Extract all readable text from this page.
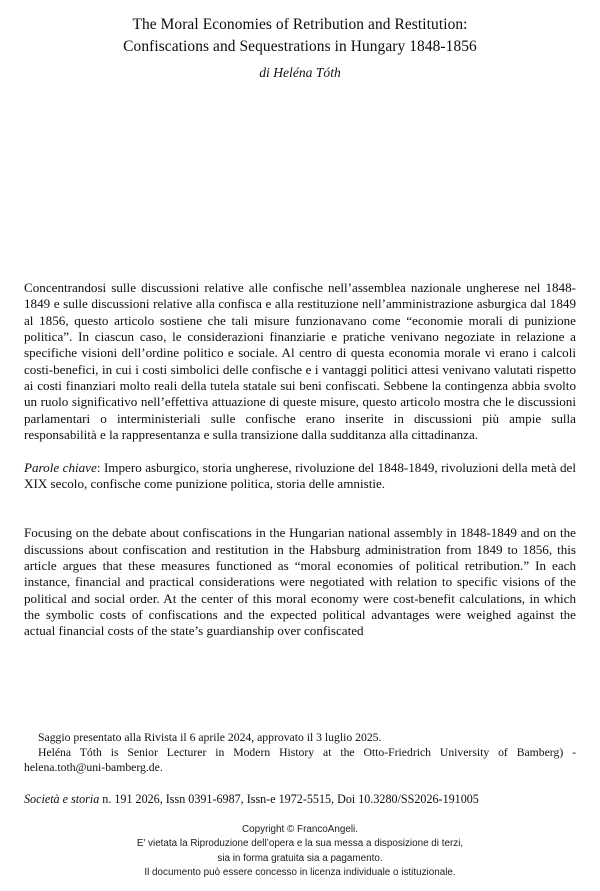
The Moral Economies of Retribution and Restitution:
Confiscations and Sequestrations in Hungary 1848-1856
di Heléna Tóth

Concentrandosi sulle discussioni relative alle confische nell’assemblea nazionale ungherese nel 1848-1849 e sulle discussioni relative alla confisca e alla restituzione nell’amministrazione asburgica dal 1849 al 1856, questo articolo sostiene che tali misure funzionavano come “economie morali di punizione politica”. In ciascun caso, le considerazioni finanziarie e pratiche venivano negoziate in relazione a specifiche visioni dell’ordine politico e sociale. Al centro di questa economia morale vi erano i calcoli costi-benefici, in cui i costi simbolici delle confische e i vantaggi politici attesi venivano valutati rispetto ai costi finanziari molto reali della tutela statale sui beni confiscati. Sebbene la contingenza abbia svolto un ruolo significativo nell’effettiva attuazione di queste misure, questo articolo mostra che le discussioni parlamentari o interministeriali sulle confische erano inserite in discussioni più ampie sulla responsabilità e la rappresentanza e sulla transizione dalla sudditanza alla cittadinanza.

Parole chiave: Impero asburgico, storia ungherese, rivoluzione del 1848-1849, rivoluzioni della metà del XIX secolo, confische come punizione politica, storia delle amnistie.

Focusing on the debate about confiscations in the Hungarian national assembly in 1848-1849 and on the discussions about confiscation and restitution in the Habsburg administration from 1849 to 1856, this article argues that these measures functioned as “moral economies of political retribution.” In each instance, financial and practical considerations were negotiated with relation to specific visions of the political and social order. At the center of this moral economy were cost-benefit calculations, in which the symbolic costs of confiscations and the expected political advantages were weighed against the actual financial costs of the state’s guardianship over confiscated

Saggio presentato alla Rivista il 6 aprile 2024, approvato il 3 luglio 2025.

Heléna Tóth is Senior Lecturer in Modern History at the Otto-Friedrich University of Bamberg) - helena.toth@uni-bamberg.de.

Società e storia n. 191 2026, Issn 0391-6987, Issn-e 1972-5515, Doi 10.3280/SS2026-191005
Copyright © FrancoAngeli.
E' vietata la Riproduzione dell’opera e la sua messa a disposizione di terzi,
sia in forma gratuita sia a pagamento.
Il documento può essere concesso in licenza individuale o istituzionale.
